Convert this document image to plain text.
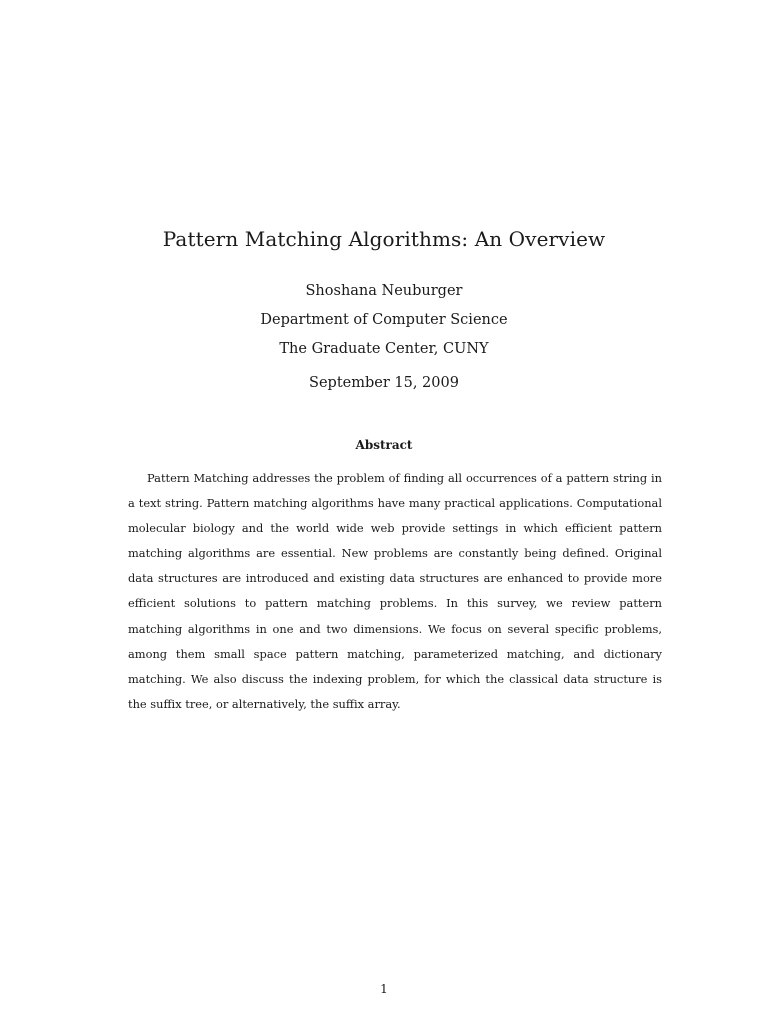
Pattern Matching Algorithms: An Overview
Shoshana Neuburger
Department of Computer Science
The Graduate Center, CUNY
September 15, 2009
Abstract

Pattern Matching addresses the problem of finding all occurrences of a pattern string in a text string. Pattern matching algorithms have many practical applications. Computational molecular biology and the world wide web provide settings in which efficient pattern matching algorithms are essential. New problems are constantly being defined. Original data structures are introduced and existing data structures are enhanced to provide more efficient solutions to pattern matching problems. In this survey, we review pattern matching algorithms in one and two dimensions. We focus on several specific problems, among them small space pattern matching, parameterized matching, and dictionary matching. We also discuss the indexing problem, for which the classical data structure is the suffix tree, or alternatively, the suffix array.

1
